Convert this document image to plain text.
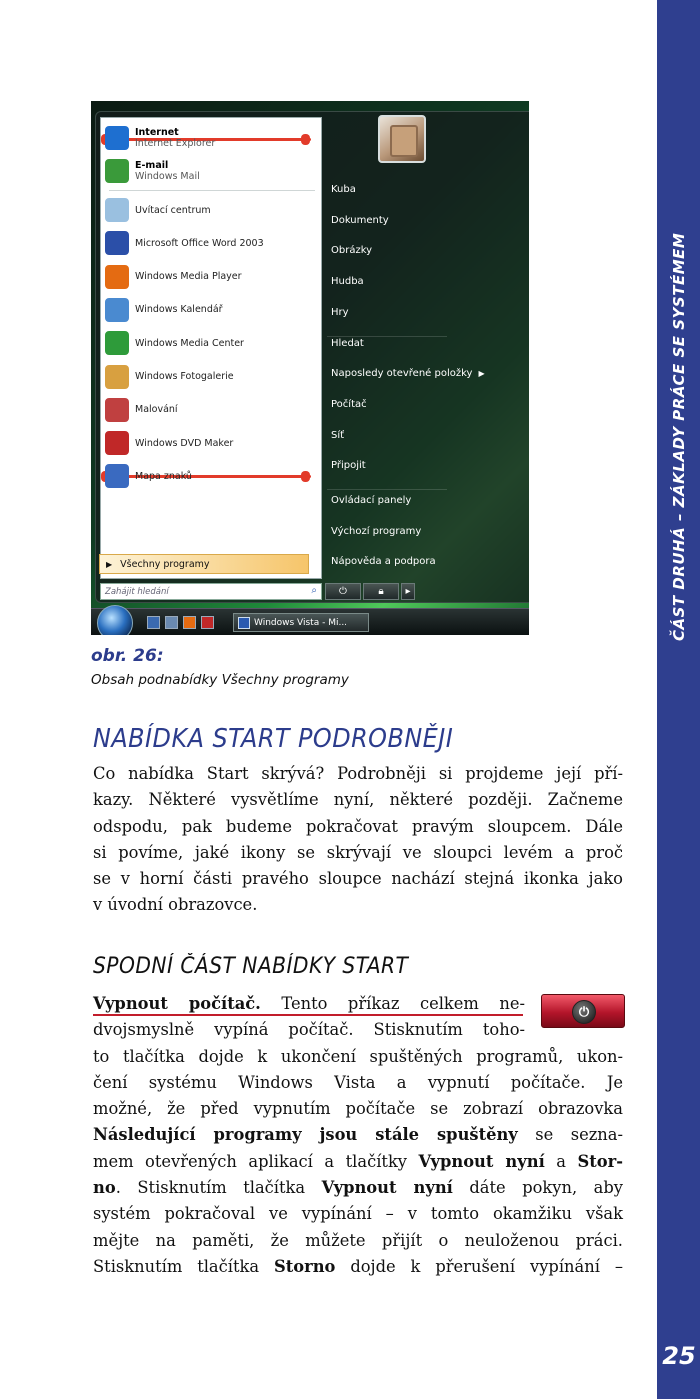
ČÁST DRUHÁ – ZÁKLADY PRÁCE SE SYSTÉMEM
25
Internet
Internet Explorer
E-mail
Windows Mail
Uvítací centrum
Microsoft Office Word 2003
Windows Media Player
Windows Kalendář
Windows Media Center
Windows Fotogalerie
Malování
Windows DVD Maker
Mapa znaků
▶ Všechny programy
Zahájit hledání	⌕	⏻	🔒︎	▸
Windows Vista - Mi...
Kuba
Dokumenty
Obrázky
Hudba
Hry
Hledat
Naposledy otevřené položky ▶
Počítač
Síť
Připojit
Ovládací panely
Výchozí programy
Nápověda a podpora
obr. 26:
Obsah podnabídky Všechny programy
NABÍDKA START PODROBNĚJI
Co nabídka Start skrývá? Podrobněji si projdeme její pří-
kazy. Některé vysvětlíme nyní, některé později. Začneme
odspodu, pak budeme pokračovat pravým sloupcem. Dále
si povíme, jaké ikony se skrývají ve sloupci levém a proč
se v horní části pravého sloupce nachází stejná ikonka jako
v úvodní obrazovce.
SPODNÍ ČÁST NABÍDKY START
⏻
Vypnout počítač. Tento příkaz celkem ne-
dvojsmyslně vypíná počítač. Stisknutím toho-
to tlačítka dojde k ukončení spuštěných programů, ukon-
čení systému Windows Vista a vypnutí počítače. Je
možné, že před vypnutím počítače se zobrazí obrazovka
Následující programy jsou stále spuštěny se sezna-
mem otevřených aplikací a tlačítky Vypnout nyní a Stor-
no. Stisknutím tlačítka Vypnout nyní dáte pokyn, aby
systém pokračoval ve vypínání – v tomto okamžiku však
mějte na paměti, že můžete přijít o neuloženou práci.
Stisknutím tlačítka Storno dojde k přerušení vypínání –
